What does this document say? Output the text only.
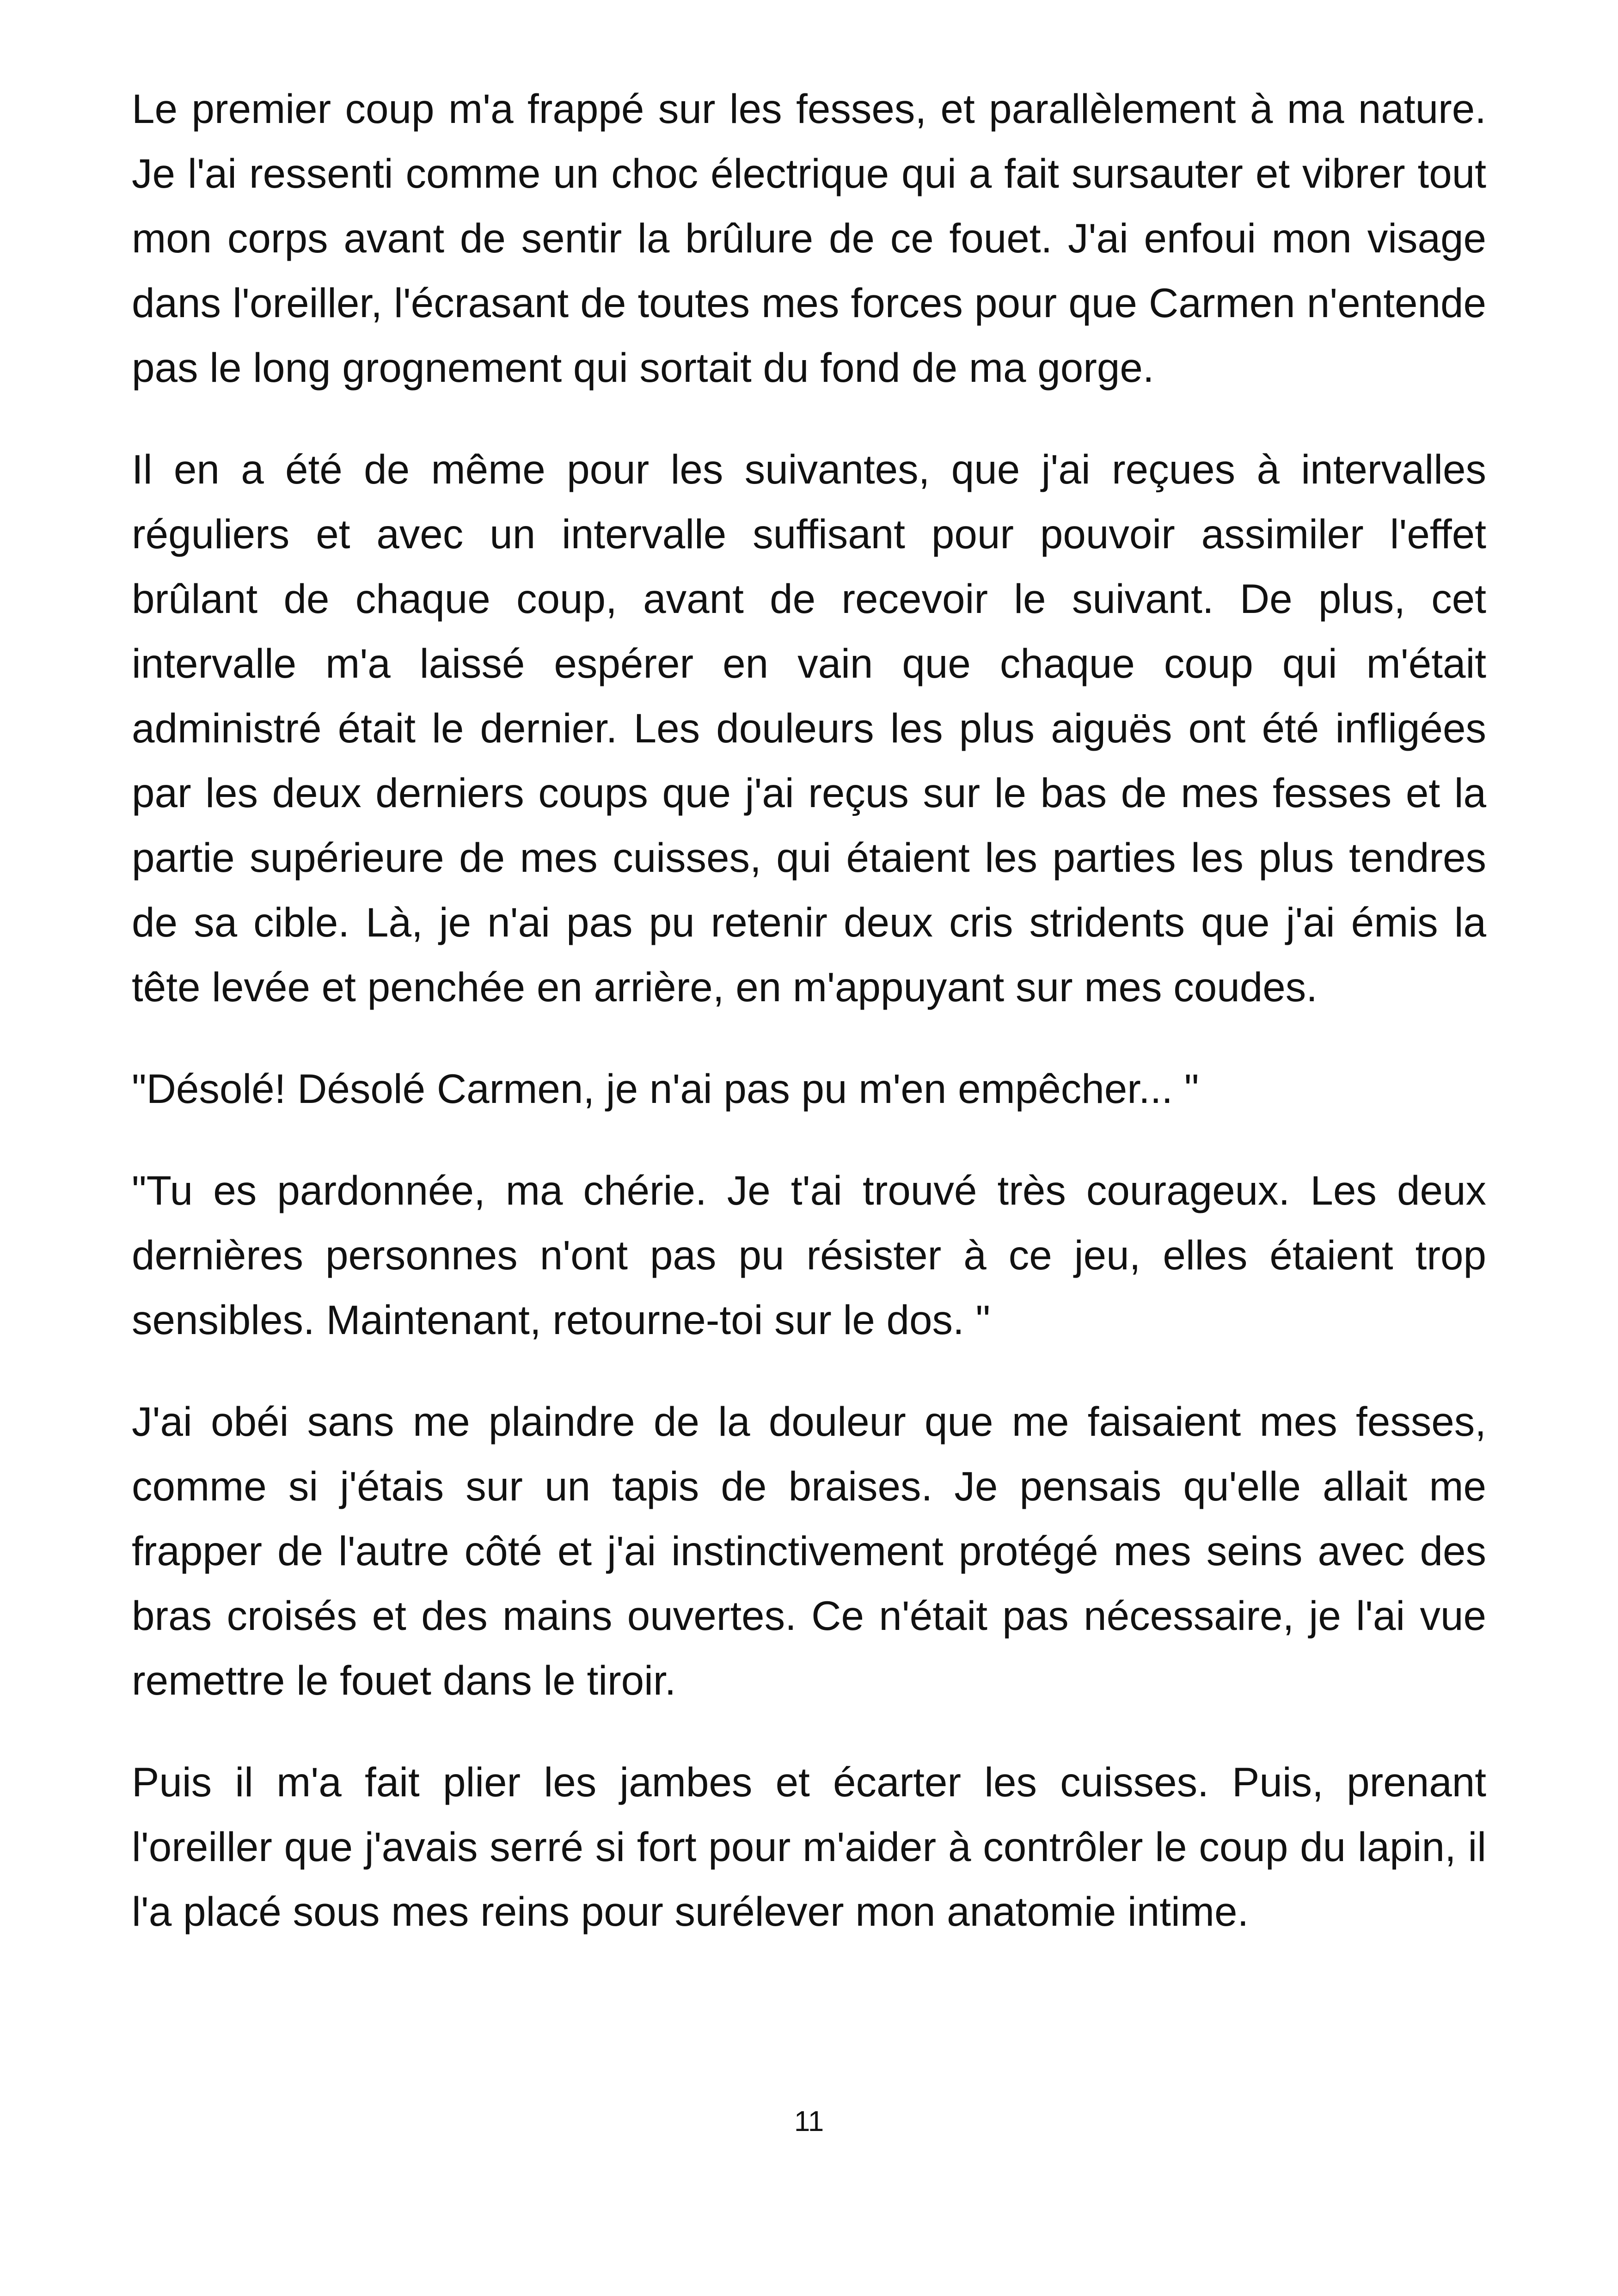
Le premier coup m'a frappé sur les fesses, et parallèlement à ma nature. Je l'ai ressenti comme un choc électrique qui a fait sursauter et vibrer tout mon corps avant de sentir la brûlure de ce fouet. J'ai enfoui mon visage dans l'oreiller, l'écrasant de toutes mes forces pour que Carmen n'entende pas le long grognement qui sortait du fond de ma gorge.

Il en a été de même pour les suivantes, que j'ai reçues à intervalles réguliers et avec un intervalle suffisant pour pouvoir assimiler l'effet brûlant de chaque coup, avant de recevoir le suivant. De plus, cet intervalle m'a laissé espérer en vain que chaque coup qui m'était administré était le dernier. Les douleurs les plus aiguës ont été infligées par les deux derniers coups que j'ai reçus sur le bas de mes fesses et la partie supérieure de mes cuisses, qui étaient les parties les plus tendres de sa cible. Là, je n'ai pas pu retenir deux cris stridents que j'ai émis la tête levée et penchée en arrière, en m'appuyant sur mes coudes.

"Désolé! Désolé Carmen, je n'ai pas pu m'en empêcher... "

"Tu es pardonnée, ma chérie. Je t'ai trouvé très courageux. Les deux dernières personnes n'ont pas pu résister à ce jeu, elles étaient trop sensibles. Maintenant, retourne-toi sur le dos. "

J'ai obéi sans me plaindre de la douleur que me faisaient mes fesses, comme si j'étais sur un tapis de braises. Je pensais qu'elle allait me frapper de l'autre côté et j'ai instinctivement protégé mes seins avec des bras croisés et des mains ouvertes. Ce n'était pas nécessaire, je l'ai vue remettre le fouet dans le tiroir.

Puis il m'a fait plier les jambes et écarter les cuisses. Puis, prenant l'oreiller que j'avais serré si fort pour m'aider à contrôler le coup du lapin, il l'a placé sous mes reins pour surélever mon anatomie intime.

11
